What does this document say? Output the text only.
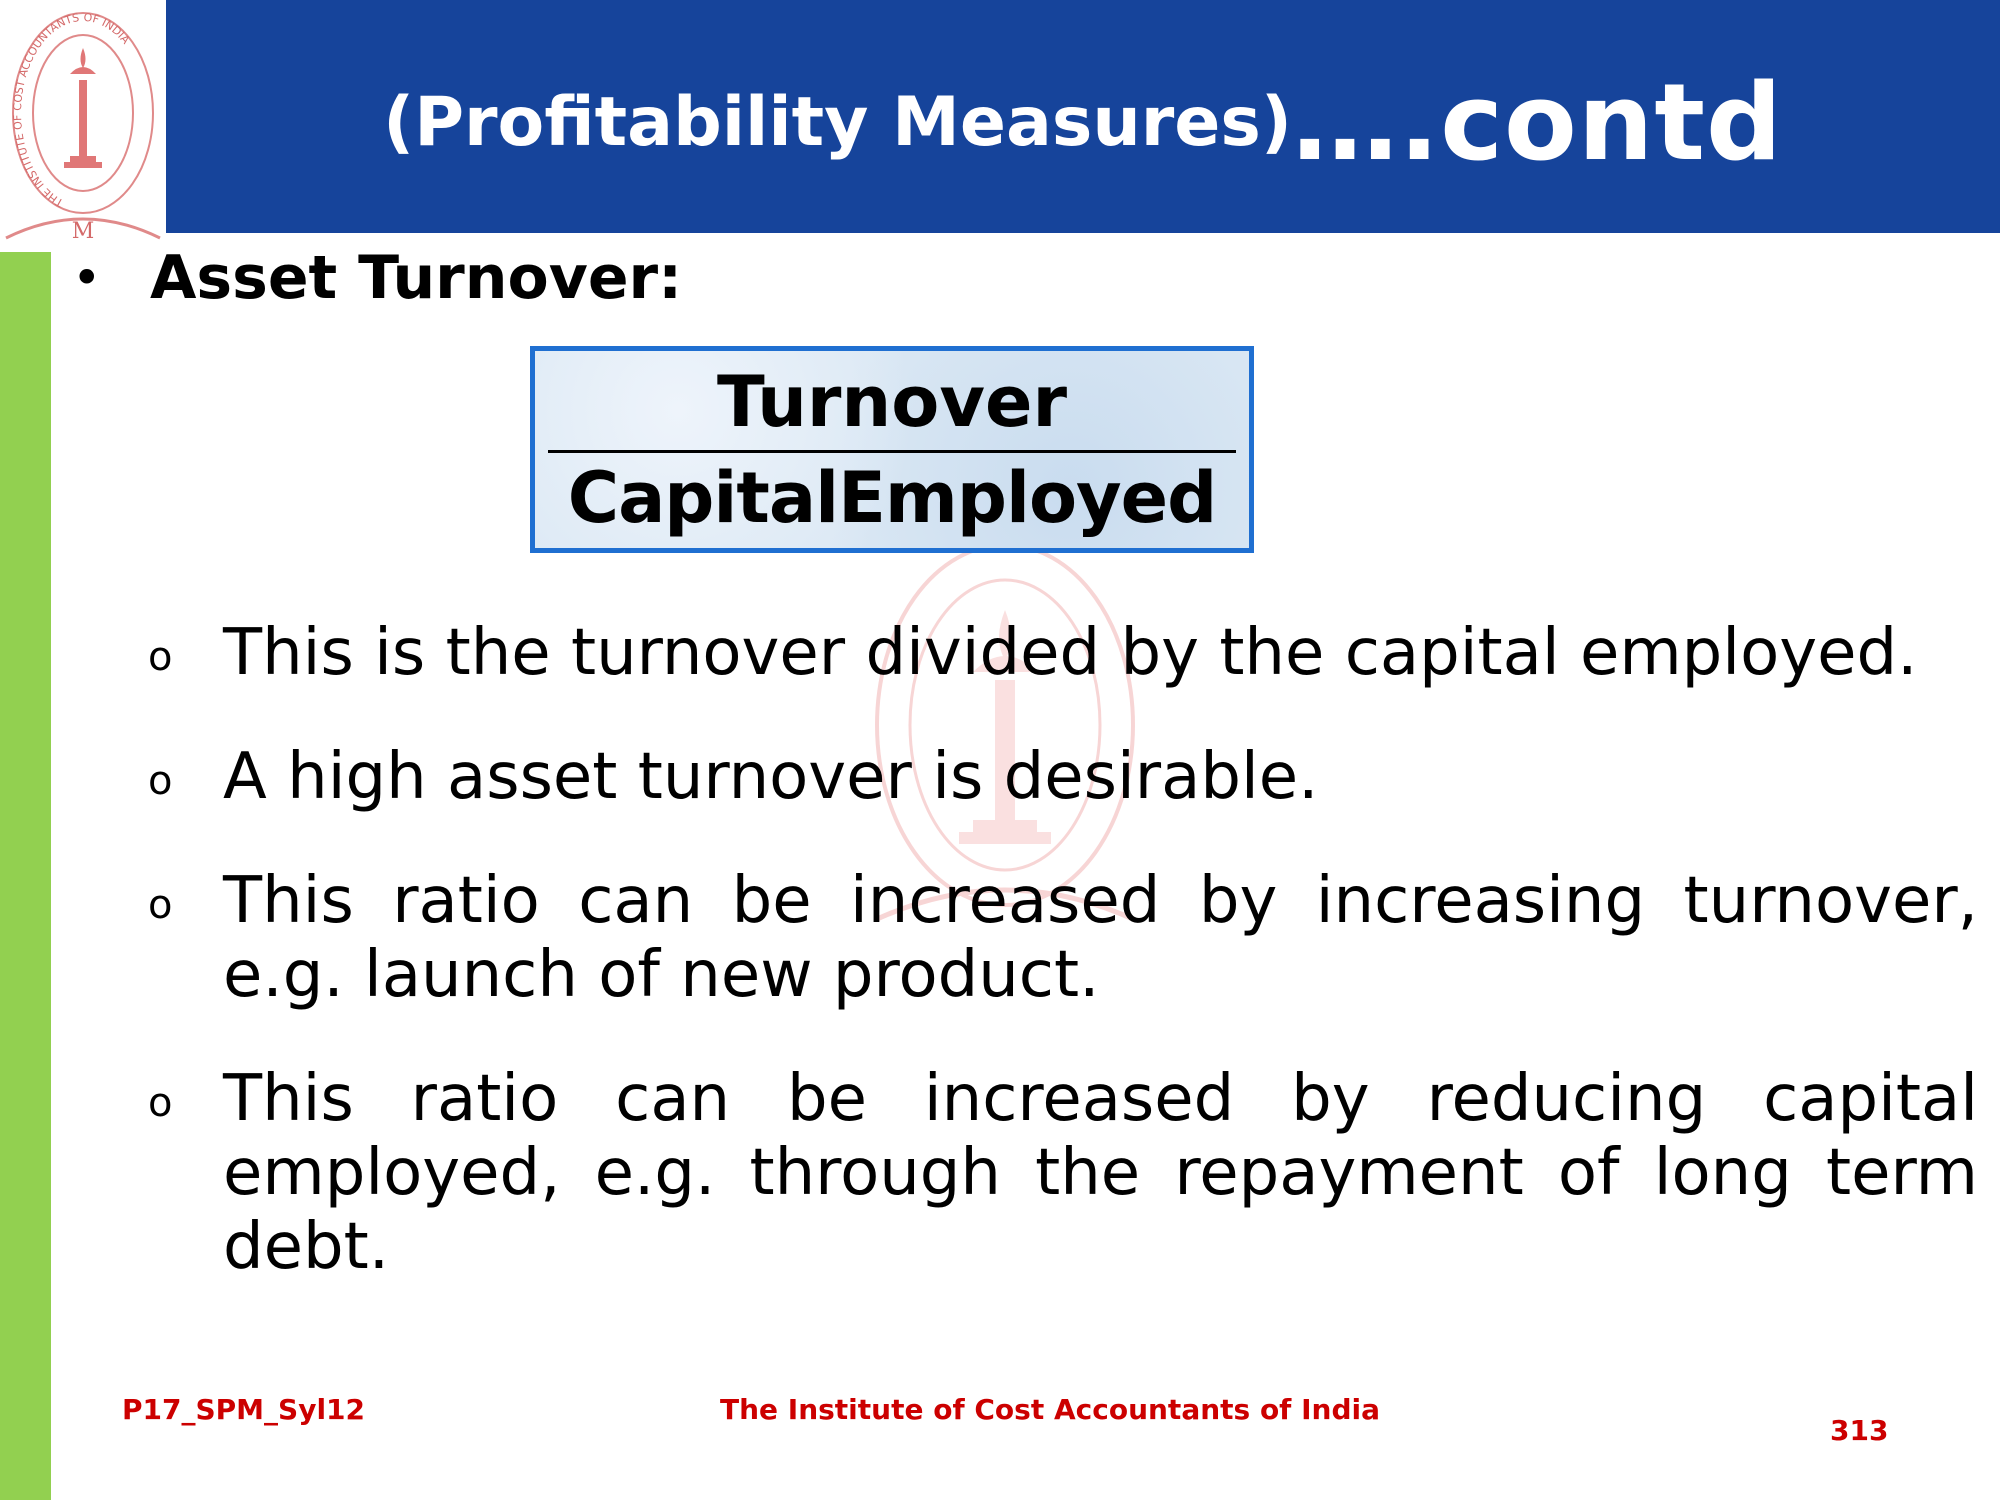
(Profitability Measures) ….contd
THE INSTITUTE OF COST ACCOUNTANTS OF INDIA
M
• Asset Turnover:
Turnover
CapitalEmployed
o This is the turnover divided by the capital employed.
o A high asset turnover is desirable.
o This ratio can be increased by increasing turnover, e.g. launch of new product.
o This ratio can be increased by reducing capital employed, e.g. through the repayment of long term debt.
P17_SPM_Syl12	The Institute of Cost Accountants of India
313
